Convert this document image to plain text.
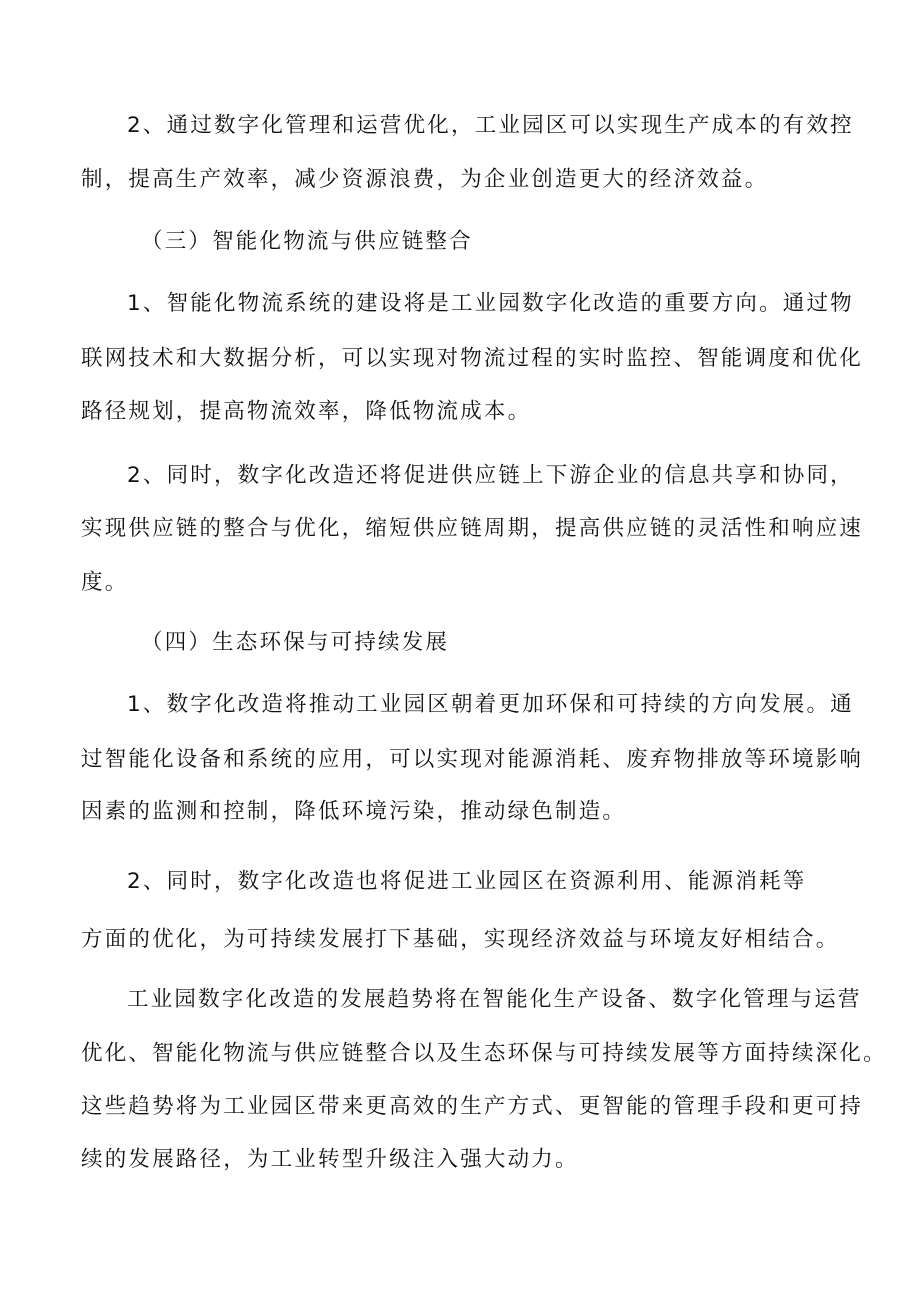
2、通过数字化管理和运营优化，工业园区可以实现生产成本的有效控
制，提高生产效率，减少资源浪费，为企业创造更大的经济效益。
（三）智能化物流与供应链整合
1、智能化物流系统的建设将是工业园数字化改造的重要方向。通过物
联网技术和大数据分析，可以实现对物流过程的实时监控、智能调度和优化
路径规划，提高物流效率，降低物流成本。
2、同时，数字化改造还将促进供应链上下游企业的信息共享和协同，
实现供应链的整合与优化，缩短供应链周期，提高供应链的灵活性和响应速
度。
（四）生态环保与可持续发展
1、数字化改造将推动工业园区朝着更加环保和可持续的方向发展。通
过智能化设备和系统的应用，可以实现对能源消耗、废弃物排放等环境影响
因素的监测和控制，降低环境污染，推动绿色制造。
2、同时，数字化改造也将促进工业园区在资源利用、能源消耗等
方面的优化，为可持续发展打下基础，实现经济效益与环境友好相结合。
工业园数字化改造的发展趋势将在智能化生产设备、数字化管理与运营
优化、智能化物流与供应链整合以及生态环保与可持续发展等方面持续深化。
这些趋势将为工业园区带来更高效的生产方式、更智能的管理手段和更可持
续的发展路径，为工业转型升级注入强大动力。
